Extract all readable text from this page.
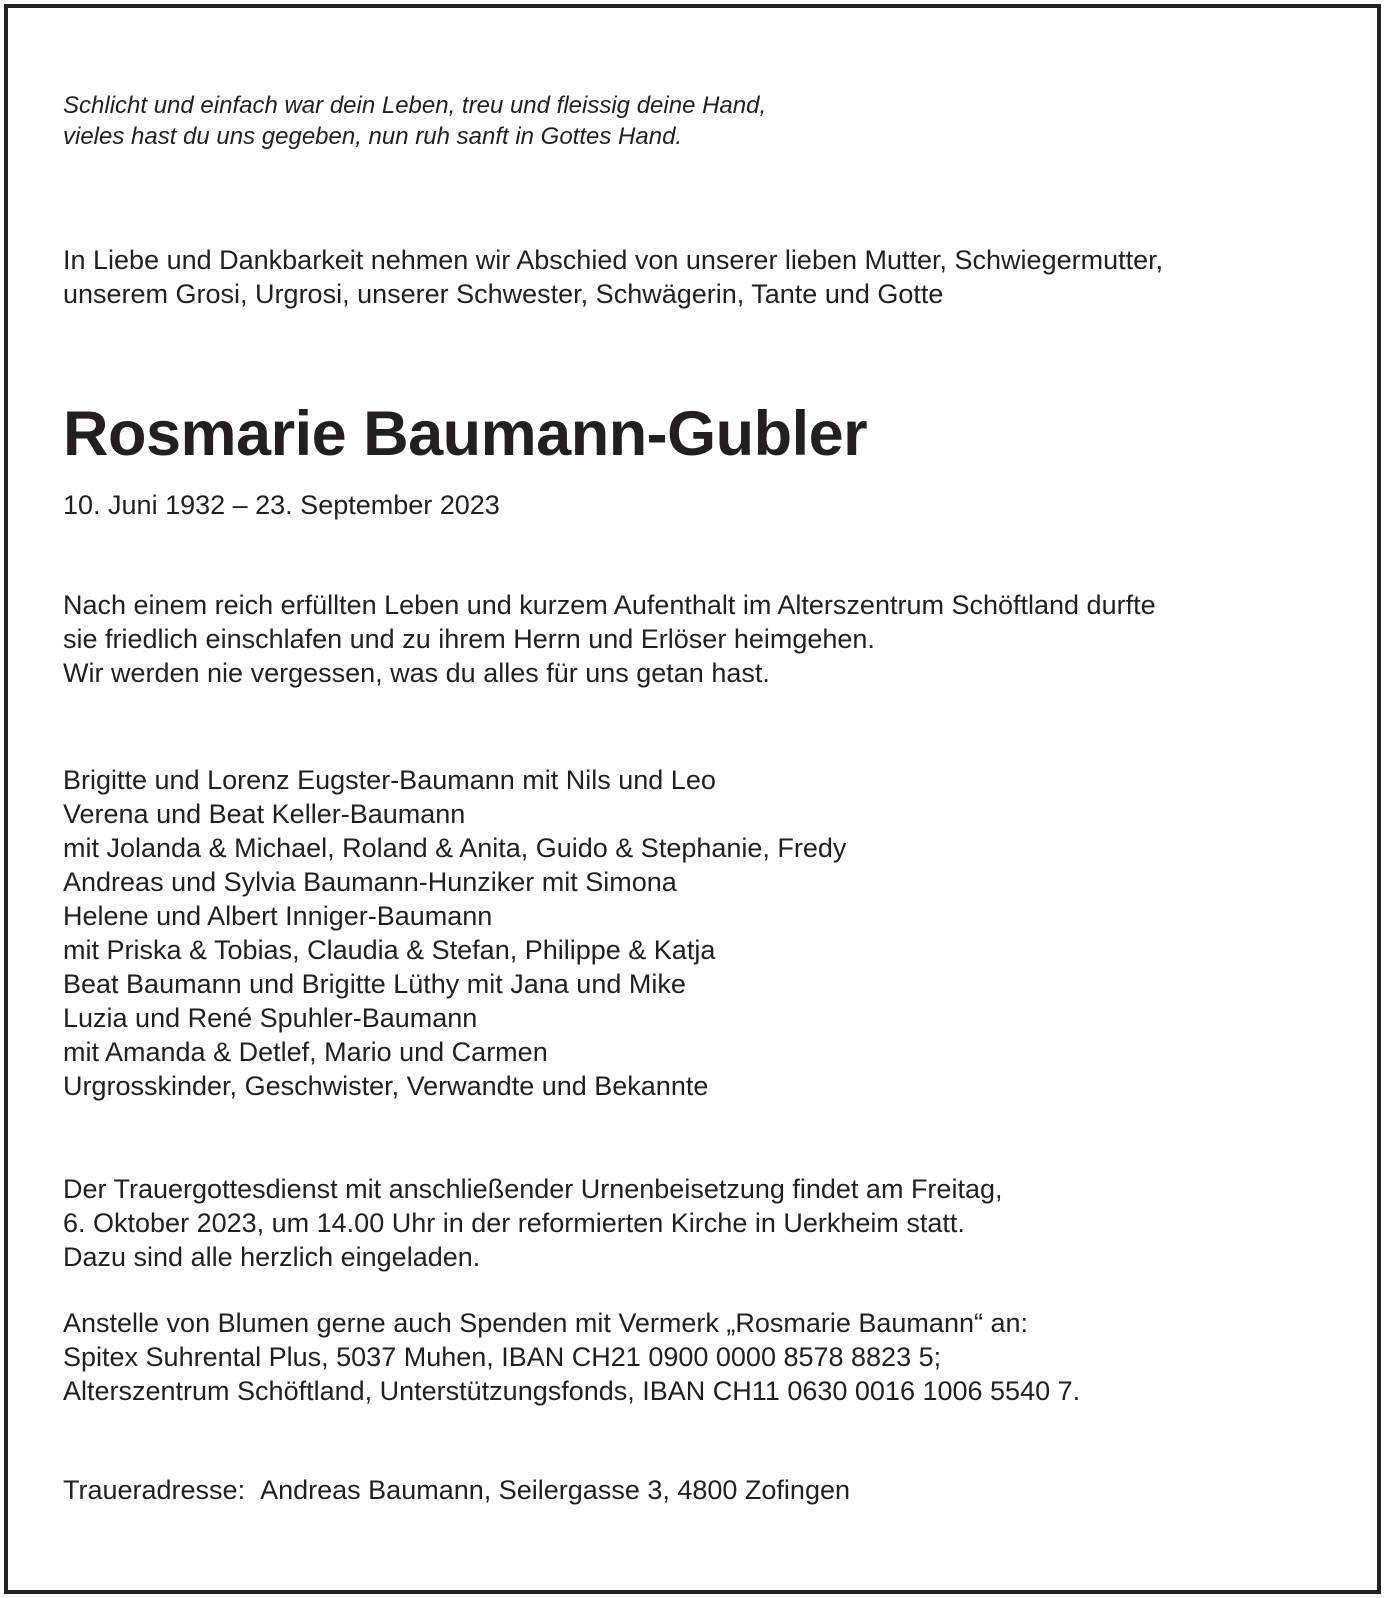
Schlicht und einfach war dein Leben, treu und fleissig deine Hand,
vieles hast du uns gegeben, nun ruh sanft in Gottes Hand.
In Liebe und Dankbarkeit nehmen wir Abschied von unserer lieben Mutter, Schwiegermutter,
unserem Grosi, Urgrosi, unserer Schwester, Schwägerin, Tante und Gotte
Rosmarie Baumann-Gubler
10. Juni 1932 – 23. September 2023
Nach einem reich erfüllten Leben und kurzem Aufenthalt im Alterszentrum Schöftland durfte
sie friedlich einschlafen und zu ihrem Herrn und Erlöser heimgehen.
Wir werden nie vergessen, was du alles für uns getan hast.
Brigitte und Lorenz Eugster-Baumann mit Nils und Leo
Verena und Beat Keller-Baumann
mit Jolanda & Michael, Roland & Anita, Guido & Stephanie, Fredy
Andreas und Sylvia Baumann-Hunziker mit Simona
Helene und Albert Inniger-Baumann
mit Priska & Tobias, Claudia & Stefan, Philippe & Katja
Beat Baumann und Brigitte Lüthy mit Jana und Mike
Luzia und René Spuhler-Baumann
mit Amanda & Detlef, Mario und Carmen
Urgrosskinder, Geschwister, Verwandte und Bekannte
Der Trauergottesdienst mit anschließender Urnenbeisetzung findet am Freitag,
6. Oktober 2023, um 14.00 Uhr in der reformierten Kirche in Uerkheim statt.
Dazu sind alle herzlich eingeladen.
Anstelle von Blumen gerne auch Spenden mit Vermerk „Rosmarie Baumann“ an:
Spitex Suhrental Plus, 5037 Muhen, IBAN CH21 0900 0000 8578 8823 5;
Alterszentrum Schöftland, Unterstützungsfonds, IBAN CH11 0630 0016 1006 5540 7.
Traueradresse: Andreas Baumann, Seilergasse 3, 4800 Zofingen
